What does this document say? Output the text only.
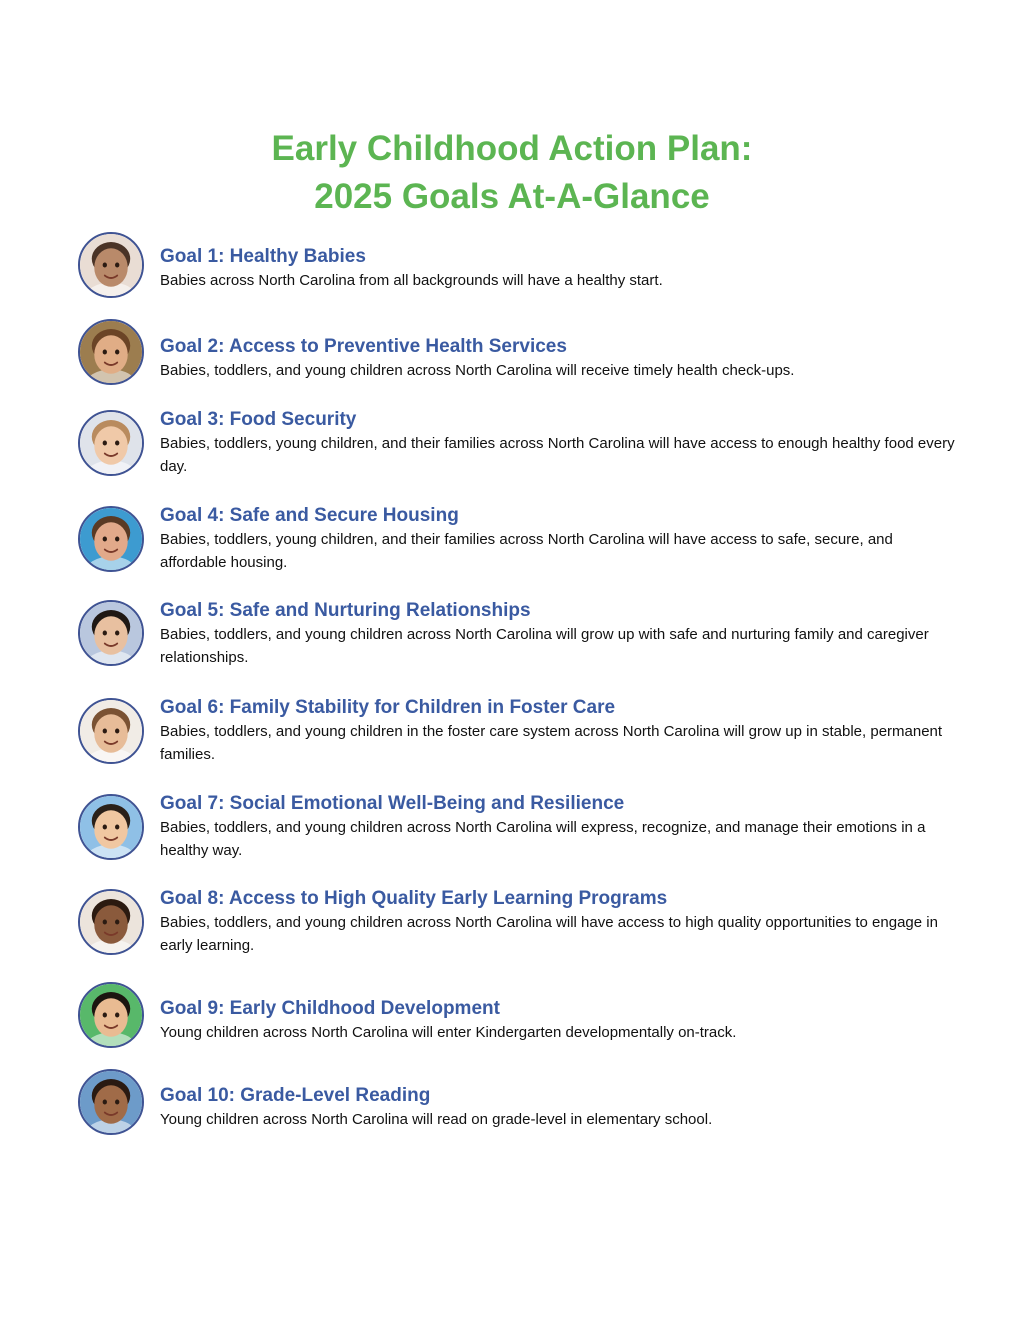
Early Childhood Action Plan:
2025 Goals At-A-Glance

Goal 1: Healthy Babies

Babies across North Carolina from all backgrounds will have a healthy start.

Goal 2: Access to Preventive Health Services

Babies, toddlers, and young children across North Carolina will receive timely health check-ups.

Goal 3: Food Security

Babies, toddlers, young children, and their families across North Carolina will have access to enough healthy food every day.

Goal 4: Safe and Secure Housing

Babies, toddlers, young children, and their families across North Carolina will have access to safe, secure, and affordable housing.

Goal 5: Safe and Nurturing Relationships

Babies, toddlers, and young children across North Carolina will grow up with safe and nurturing family and caregiver relationships.

Goal 6: Family Stability for Children in Foster Care

Babies, toddlers, and young children in the foster care system across North Carolina will grow up in stable, permanent families.

Goal 7: Social Emotional Well-Being and Resilience

Babies, toddlers, and young children across North Carolina will express, recognize, and manage their emotions in a healthy way.

Goal 8: Access to High Quality Early Learning Programs

Babies, toddlers, and young children across North Carolina will have access to high quality opportunities to engage in early learning.

Goal 9: Early Childhood Development

Young children across North Carolina will enter Kindergarten developmentally on-track.

Goal 10: Grade-Level Reading

Young children across North Carolina will read on grade-level in elementary school.
